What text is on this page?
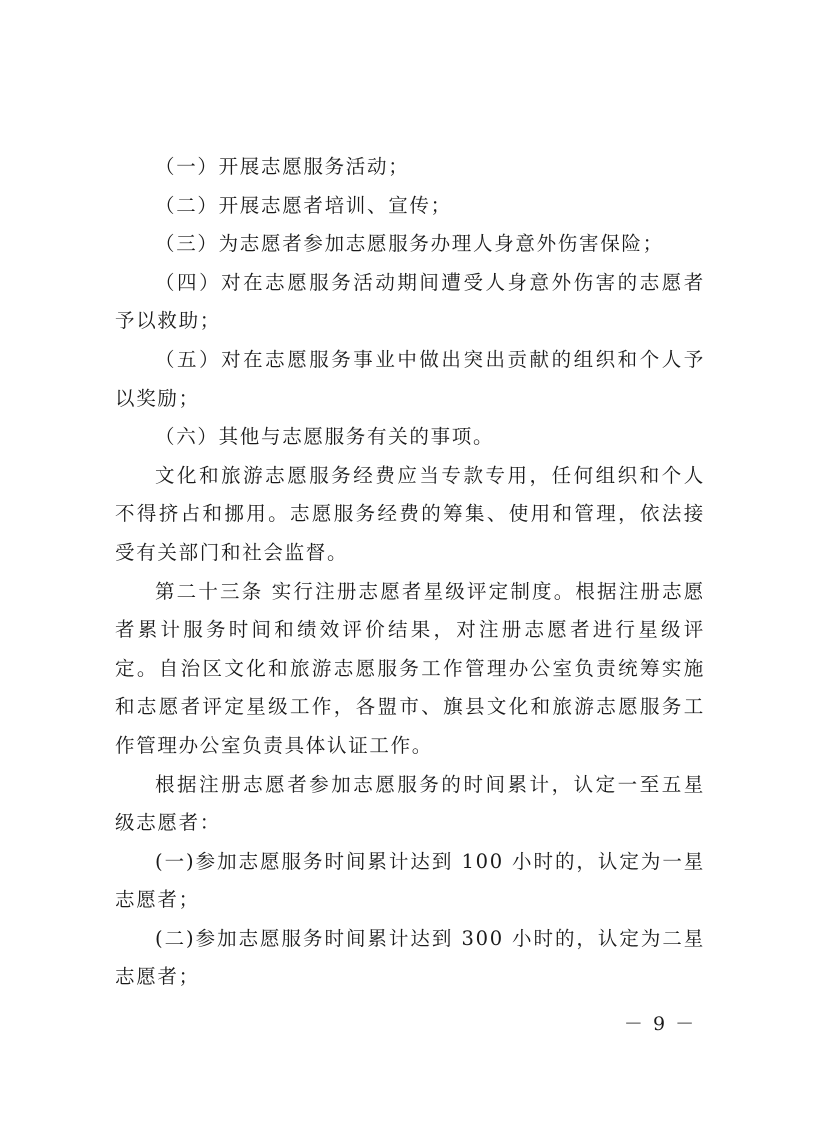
（一）开展志愿服务活动；

（二）开展志愿者培训、宣传；

（三）为志愿者参加志愿服务办理人身意外伤害保险；

（四）对在志愿服务活动期间遭受人身意外伤害的志愿者予以救助；

（五）对在志愿服务事业中做出突出贡献的组织和个人予以奖励；

（六）其他与志愿服务有关的事项。

文化和旅游志愿服务经费应当专款专用，任何组织和个人不得挤占和挪用。志愿服务经费的筹集、使用和管理，依法接受有关部门和社会监督。

第二十三条 实行注册志愿者星级评定制度。根据注册志愿者累计服务时间和绩效评价结果，对注册志愿者进行星级评定。自治区文化和旅游志愿服务工作管理办公室负责统筹实施和志愿者评定星级工作，各盟市、旗县文化和旅游志愿服务工作管理办公室负责具体认证工作。

根据注册志愿者参加志愿服务的时间累计，认定一至五星级志愿者：

(一)参加志愿服务时间累计达到 100 小时的，认定为一星志愿者；

(二)参加志愿服务时间累计达到 300 小时的，认定为二星志愿者；

－ 9 －
